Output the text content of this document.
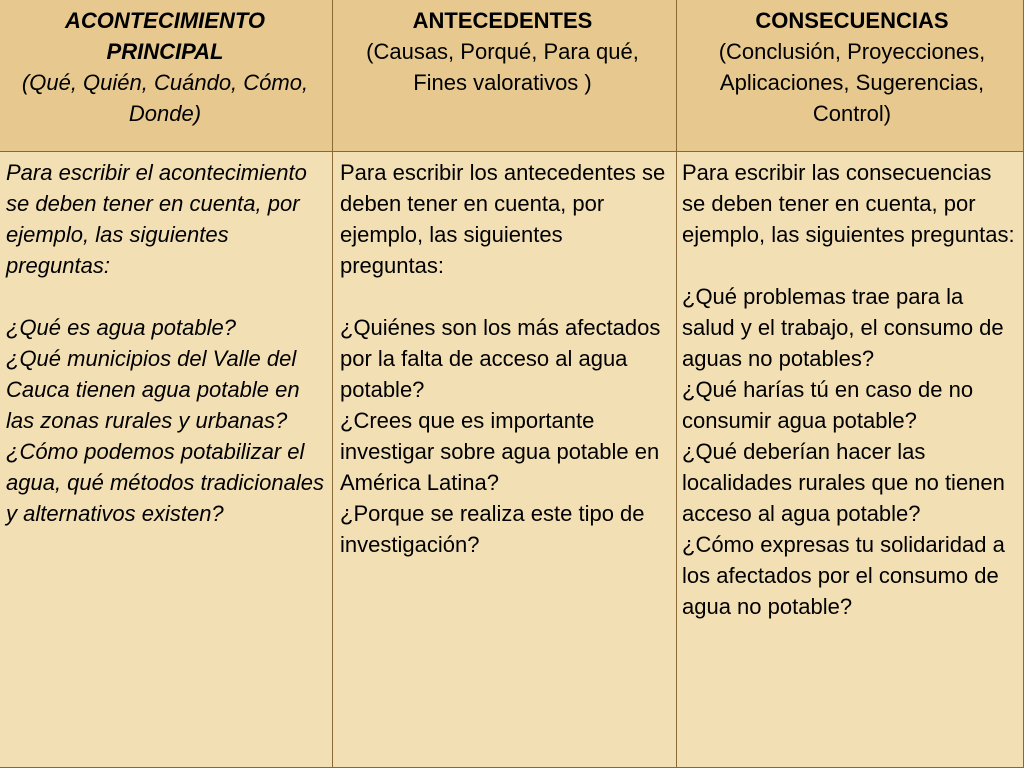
ACONTECIMIENTO PRINCIPAL
(Qué, Quién, Cuándo, Cómo, Donde)
ANTECEDENTES
(Causas, Porqué, Para qué, Fines valorativos )
CONSECUENCIAS
(Conclusión, Proyecciones, Aplicaciones, Sugerencias, Control)
Para escribir el acontecimiento se deben tener en cuenta, por ejemplo, las siguientes preguntas:
¿Qué es agua potable?
¿Qué municipios del Valle del Cauca tienen agua potable en las zonas rurales y urbanas?
¿Cómo podemos potabilizar el agua, qué métodos tradicionales y alternativos existen?
Para escribir los antecedentes se deben tener en cuenta, por ejemplo, las siguientes preguntas:
¿Quiénes son los más afectados por la falta de acceso al agua potable?
¿Crees que es importante investigar sobre agua potable en América Latina?
¿Porque se realiza este tipo de investigación?
Para escribir las consecuencias se deben tener en cuenta, por ejemplo, las siguientes preguntas:
¿Qué problemas trae para la salud y el trabajo, el consumo de aguas no potables?
¿Qué harías tú en caso de no consumir agua potable?
¿Qué deberían hacer las localidades rurales que no tienen acceso al agua potable?
¿Cómo expresas tu solidaridad a los afectados por el consumo de agua no potable?
